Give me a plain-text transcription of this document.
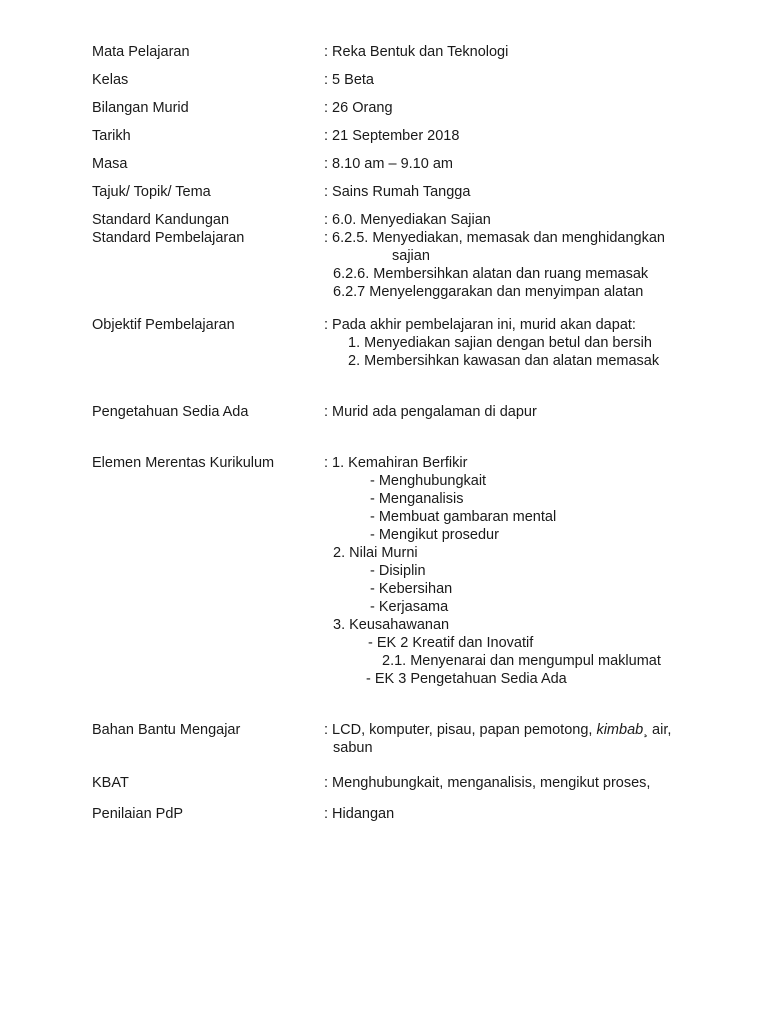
Mata Pelajaran	: Reka Bentuk dan Teknologi
Kelas	: 5 Beta
Bilangan Murid	: 26 Orang
Tarikh	: 21 September 2018
Masa	: 8.10 am – 9.10 am
Tajuk/ Topik/ Tema	: Sains Rumah Tangga
Standard Kandungan	: 6.0. Menyediakan Sajian
Standard Pembelajaran	: 6.2.5. Menyediakan, memasak dan menghidangkan
sajian
6.2.6. Membersihkan alatan dan ruang memasak
6.2.7 Menyelenggarakan dan menyimpan alatan
Objektif Pembelajaran	: Pada akhir pembelajaran ini, murid akan dapat:
1. Menyediakan sajian dengan betul dan bersih
2. Membersihkan kawasan dan alatan memasak
Pengetahuan Sedia Ada	: Murid ada pengalaman di dapur
Elemen Merentas Kurikulum	: 1. Kemahiran Berfikir
- Menghubungkait
- Menganalisis
- Membuat gambaran mental
- Mengikut prosedur
2. Nilai Murni
- Disiplin
- Kebersihan
- Kerjasama
3. Keusahawanan
- EK 2 Kreatif dan Inovatif
2.1. Menyenarai dan mengumpul maklumat
- EK 3 Pengetahuan Sedia Ada
Bahan Bantu Mengajar	: LCD, komputer, pisau, papan pemotong, kimbab¸ air,
sabun
KBAT	: Menghubungkait, menganalisis, mengikut proses,
Penilaian PdP	: Hidangan
